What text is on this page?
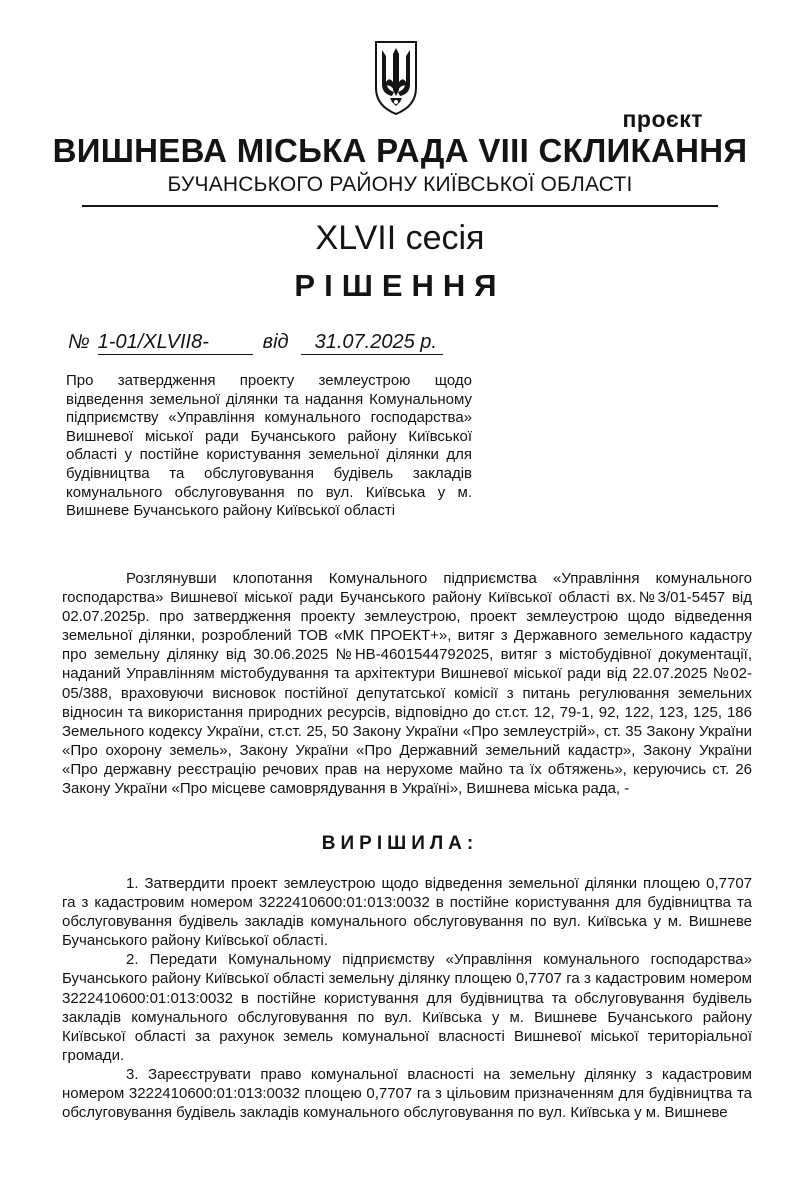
проєкт
ВИШНЕВА МІСЬКА РАДА VIII СКЛИКАННЯ
БУЧАНСЬКОГО РАЙОНУ КИЇВСЬКОЇ ОБЛАСТІ
XLVII сесія
РІШЕННЯ
№ 1-01/XLVII8-	від 31.07.2025 р.
Про затвердження проекту землеустрою щодо відведення земельної ділянки та надання Комунальному підприємству «Управління комунального господарства» Вишневої міської ради Бучанського району Київської області у постійне користування земельної ділянки для будівництва та обслуговування будівель закладів комунального обслуговування по вул. Київська у м. Вишневе Бучанського району Київської області
Розглянувши клопотання Комунального підприємства «Управління комунального господарства» Вишневої міської ради Бучанського району Київської області вх.№3/01-5457 від 02.07.2025р. про затвердження проекту землеустрою, проект землеустрою щодо відведення земельної ділянки, розроблений ТОВ «МК ПРОЕКТ+», витяг з Державного земельного кадастру про земельну ділянку від 30.06.2025 №НВ-4601544792025, витяг з містобудівної документації, наданий Управлінням містобудування та архітектури Вишневої міської ради від 22.07.2025 №02-05/388, враховуючи висновок постійної депутатської комісії з питань регулювання земельних відносин та використання природних ресурсів, відповідно до ст.ст. 12, 79-1, 92, 122, 123, 125, 186 Земельного кодексу України, ст.ст. 25, 50 Закону України «Про землеустрій», ст. 35 Закону України «Про охорону земель», Закону України «Про Державний земельний кадастр», Закону України «Про державну реєстрацію речових прав на нерухоме майно та їх обтяжень», керуючись ст. 26 Закону України «Про місцеве самоврядування в Україні», Вишнева міська рада, -
ВИРІШИЛА:

1. Затвердити проект землеустрою щодо відведення земельної ділянки площею 0,7707 га з кадастровим номером 3222410600:01:013:0032 в постійне користування для будівництва та обслуговування будівель закладів комунального обслуговування по вул. Київська у м. Вишневе Бучанського району Київської області.

2. Передати Комунальному підприємству «Управління комунального господарства» Бучанського району Київської області земельну ділянку площею 0,7707 га з кадастровим номером 3222410600:01:013:0032 в постійне користування для будівництва та обслуговування будівель закладів комунального обслуговування по вул. Київська у м. Вишневе Бучанського району Київської області за рахунок земель комунальної власності Вишневої міської територіальної громади.

3. Зареєструвати право комунальної власності на земельну ділянку з кадастровим номером 3222410600:01:013:0032 площею 0,7707 га з цільовим призначенням для будівництва та обслуговування будівель закладів комунального обслуговування по вул. Київська у м. Вишневе
